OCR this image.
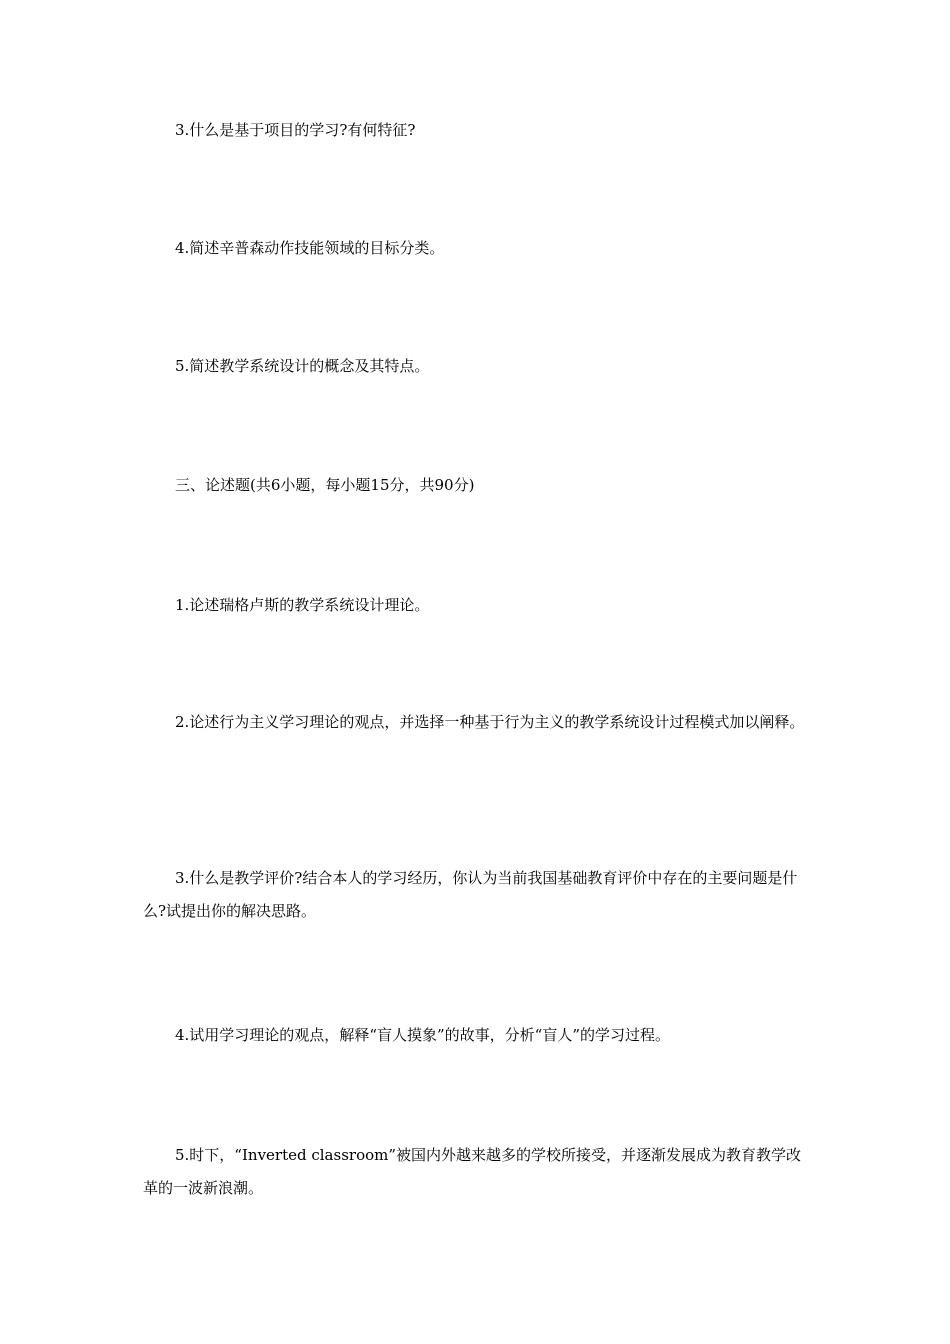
3.什么是基于项目的学习?有何特征?

4.简述辛普森动作技能领域的目标分类。

5.简述教学系统设计的概念及其特点。

三、论述题(共6小题，每小题15分，共90分)

1.论述瑞格卢斯的教学系统设计理论。

2.论述行为主义学习理论的观点，并选择一种基于行为主义的教学系统设计过程模式加以阐释。

3.什么是教学评价?结合本人的学习经历，你认为当前我国基础教育评价中存在的主要问题是什么?试提出你的解决思路。

4.试用学习理论的观点，解释“盲人摸象”的故事，分析“盲人”的学习过程。

5.时下，“Inverted classroom”被国内外越来越多的学校所接受，并逐渐发展成为教育教学改革的一波新浪潮。
